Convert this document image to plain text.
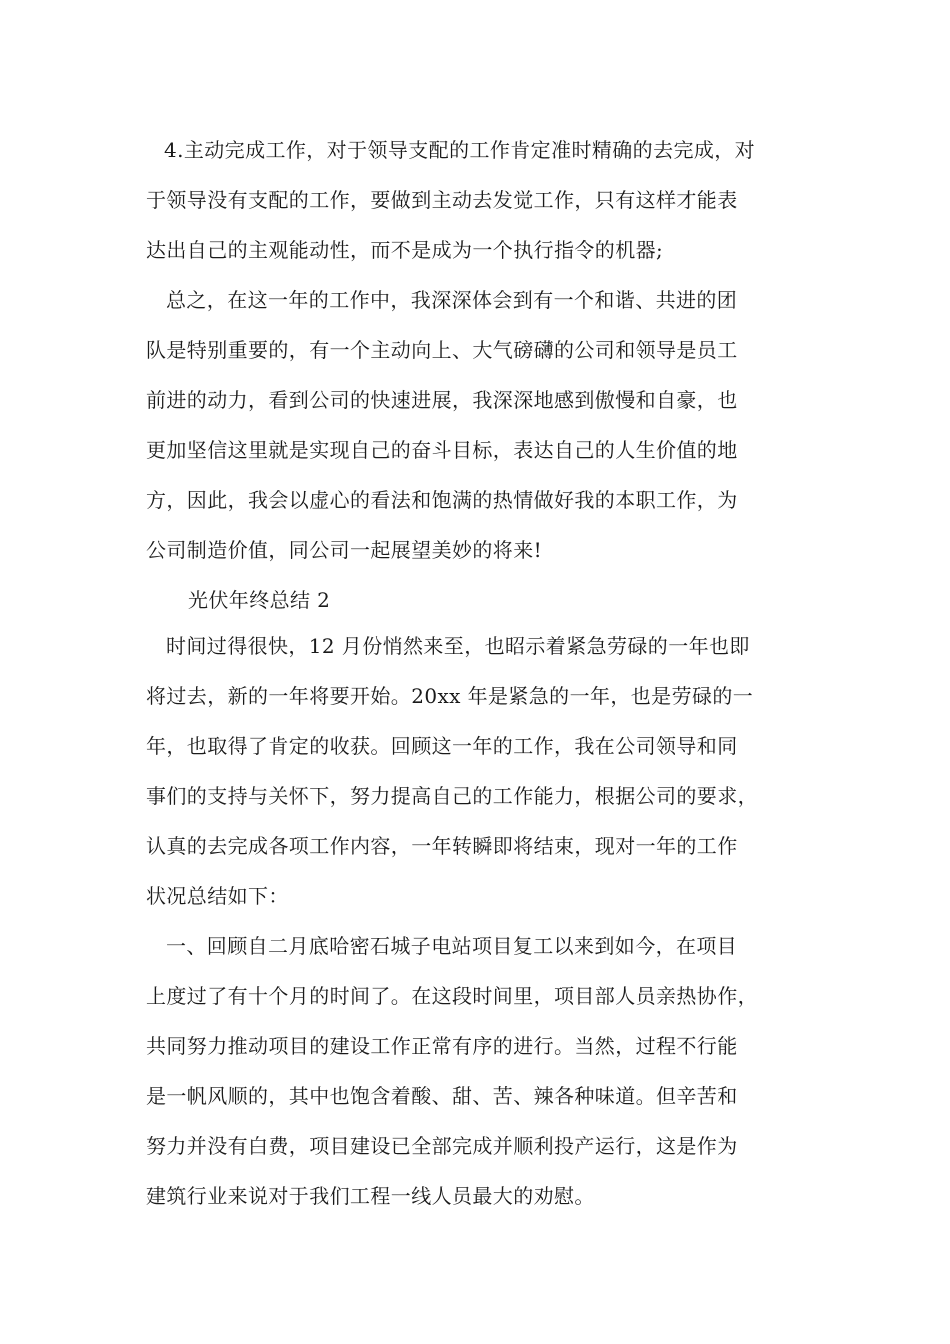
4.主动完成工作，对于领导支配的工作肯定准时精确的去完成，对
于领导没有支配的工作，要做到主动去发觉工作，只有这样才能表
达出自己的主观能动性，而不是成为一个执行指令的机器;
总之，在这一年的工作中，我深深体会到有一个和谐、共进的团
队是特别重要的，有一个主动向上、大气磅礴的公司和领导是员工
前进的动力，看到公司的快速进展，我深深地感到傲慢和自豪，也
更加坚信这里就是实现自己的奋斗目标，表达自己的人生价值的地
方，因此，我会以虚心的看法和饱满的热情做好我的本职工作，为
公司制造价值，同公司一起展望美妙的将来!
光伏年终总结 2
时间过得很快，12 月份悄然来至，也昭示着紧急劳碌的一年也即
将过去，新的一年将要开始。20xx 年是紧急的一年，也是劳碌的一
年，也取得了肯定的收获。回顾这一年的工作，我在公司领导和同
事们的支持与关怀下，努力提高自己的工作能力，根据公司的要求，
认真的去完成各项工作内容，一年转瞬即将结束，现对一年的工作
状况总结如下：
一、回顾自二月底哈密石城子电站项目复工以来到如今，在项目
上度过了有十个月的时间了。在这段时间里，项目部人员亲热协作，
共同努力推动项目的建设工作正常有序的进行。当然，过程不行能
是一帆风顺的，其中也饱含着酸、甜、苦、辣各种味道。但辛苦和
努力并没有白费，项目建设已全部完成并顺利投产运行，这是作为
建筑行业来说对于我们工程一线人员最大的劝慰。
